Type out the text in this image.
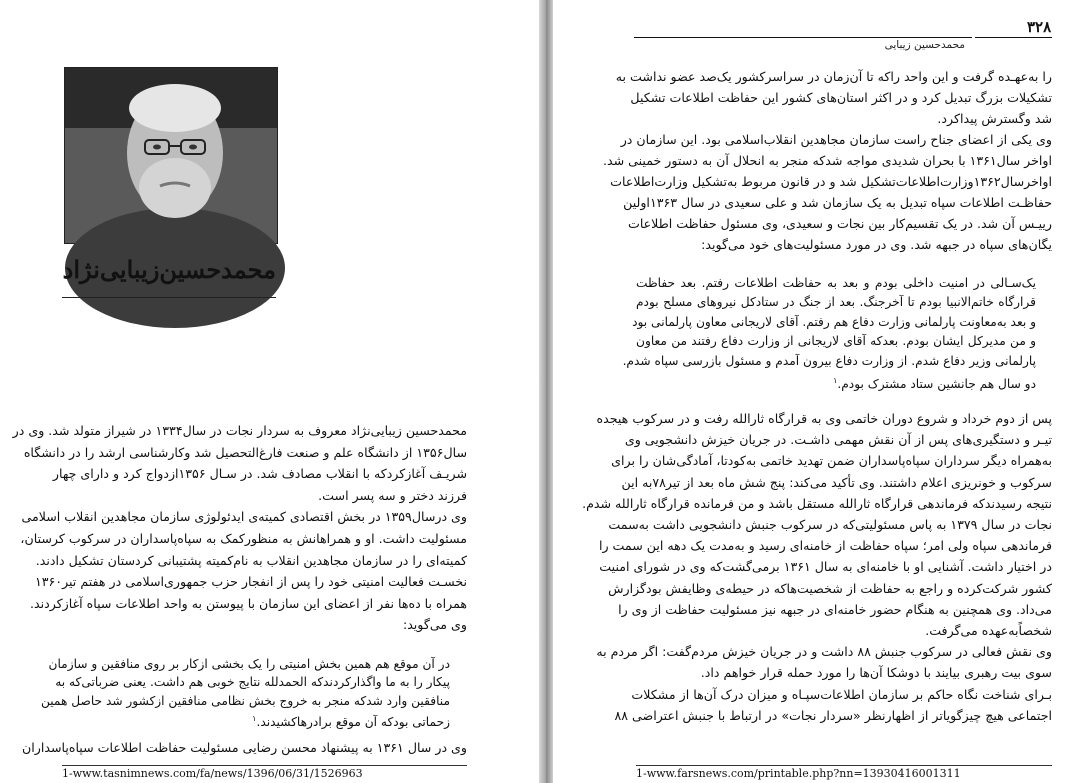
محمدحسین‌زیبایی‌نژاد
محمدحسین زیبایی‌نژاد معروف به سردار نجات در سال۱۳۳۴ در شیراز متولد شد. وی در
سال۱۳۵۶ از دانشگاه علم و صنعت فارغ‌التحصیل شد وکارشناسی ارشد را در دانشگاه
شریـف آغازکردکه با انقلاب مصادف شد. در سـال ۱۳۵۶ازدواج کرد و دارای چهار
فرزند دختر و سه پسر است.
وی درسال۱۳۵۹ در بخش اقتصادی کمیته‌ی ایدئولوژی سازمان مجاهدین انقلاب اسلامی
مسئولیت داشت. او و همراهانش به منظورکمک به سپاه‌پاسداران در سرکوب کرستان،
کمیته‌ای را در سازمان مجاهدین انقلاب به نام‌کمیته پشتیبانی کردستان تشکیل دادند.
نخسـت فعالیت امنیتی خود را پس از انفجار حزب جمهوری‌اسلامی در هفتم تیر۱۳۶۰
همراه با ده‌ها نفر از اعضای این سازمان با پیوستن به واحد اطلاعات سپاه آغازکردند.
وی می‌گوید:
در آن موقع هم همین بخش امنیتی را یک بخشی ازکار بر روی منافقین و سازمان
پیکار را به ما واگذارکردندکه الحمدلله نتایج خوبی هم داشت. یعنی ضرباتی‌که به
منافقین وارد شدکه منجر به خروج بخش نظامی منافقین ازکشور شد حاصل همین
زحماتی بودکه آن موقع برادرهاکشیدند.$^۱$
وی در سال ۱۳۶۱ به پیشنهاد محسن رضایی مسئولیت حفاظت اطلاعات سپاه‌پاسداران
1-www.tasnimnews.com/fa/news/1396/06/31/1526963
۳۲۸
محمدحسین زیبایی
را به‌عهـده گرفت و این واحد راکه تا آن‌زمان در سراسرکشور یک‌صد عضو نداشت به
تشکیلات بزرگ تبدیل کرد و در اکثر استان‌های کشور این حفاظت اطلاعات تشکیل
شد وگسترش پیداکرد.
وی یکی از اعضای جناح راست سازمان مجاهدین انقلاب‌اسلامی بود. این سازمان در
اواخر سال۱۳۶۱ با بحران شدیدی مواجه شدکه منجر به انحلال آن به دستور خمینی شد.
اواخرسال۱۳۶۲وزارت‌اطلاعات‌تشکیل شد و در قانون مربوط به‌تشکیل وزارت‌اطلاعات
حفاظـت اطلاعات سپاه تبدیل به یک سازمان شد و علی سعیدی در سال ۱۳۶۳اولین
رییـس آن شد. در یک تقسیم‌کار بین نجات و سعیدی، وی مسئول حفاظت اطلاعات
یگان‌های سپاه در جبهه شد. وی در مورد مسئولیت‌های خود می‌گوید:
یک‌سـالی در امنیت داخلی بودم و بعد به حفاظت اطلاعات رفتم. بعد حفاظت
قرارگاه خاتم‌الانبیا بودم تا آخرجنگ. بعد از جنگ در ستادکل نیروهای مسلح بودم
و بعد به‌معاونت پارلمانی وزارت دفاع هم رفتم. آقای لاریجانی معاون پارلمانی بود
و من مدیرکل ایشان بودم. بعدکه آقای لاریجانی از وزارت دفاع رفتند من معاون
پارلمانی وزیر دفاع شدم. از وزارت دفاع بیرون آمدم و مسئول بازرسی سپاه شدم.
دو سال هم جانشین ستاد مشترک بودم.$^۱$
پس از دوم خرداد و شروع دوران خاتمی وی به قرارگاه ثارالله رفت و در سرکوب هیجده
تیـر و دستگیری‌های پس از آن نقش مهمی داشـت. در جریان خیزش دانشجویی وی
به‌همراه دیگر سرداران سپاه‌پاسداران ضمن تهدید خاتمی به‌کودتا، آمادگی‌شان را برای
سرکوب و خونریزی اعلام داشتند. وی تأکید می‌کند: پنج شش ماه بعد از تیر۷۸به این
نتیجه رسیدندکه فرماندهی قرارگاه ثارالله مستقل باشد و من فرمانده قرارگاه ثارالله شدم.
نجات در سال ۱۳۷۹ به پاس مسئولیتی‌که در سرکوب جنبش دانشجویی داشت به‌سمت
فرماندهی سپاه ولی امر؛ سپاه حفاظت از خامنه‌ای رسید و به‌مدت یک دهه این سمت را
در اختیار داشت. آشنایی او با خامنه‌ای به سال ۱۳۶۱ برمی‌گشت‌که وی در شورای امنیت
کشور شرکت‌کرده و راجع به حفاظت از شخصیت‌هاکه در حیطه‌ی وظایفش بودگزارش
می‌داد. وی همچنین به هنگام حضور خامنه‌ای در جبهه نیز مسئولیت حفاظت از وی را
شخصاًبه‌عهده می‌گرفت.
وی نقش فعالی در سرکوب جنبش ۸۸ داشت و در جریان خیزش مردم‌گفت: اگر مردم به
سوی بیت رهبری بیایند با دوشکا آن‌ها را مورد حمله قرار خواهم داد.
بـرای شناخت نگاه حاکم بر سازمان اطلاعات‌سپـاه و میزان درک آن‌ها از مشکلات
اجتماعی هیچ چیزگویاتر از اظهارنظر «سردار نجات» در ارتباط با جنبش اعتراضی ۸۸
1-www.farsnews.com/printable.php?nn=13930416001311
